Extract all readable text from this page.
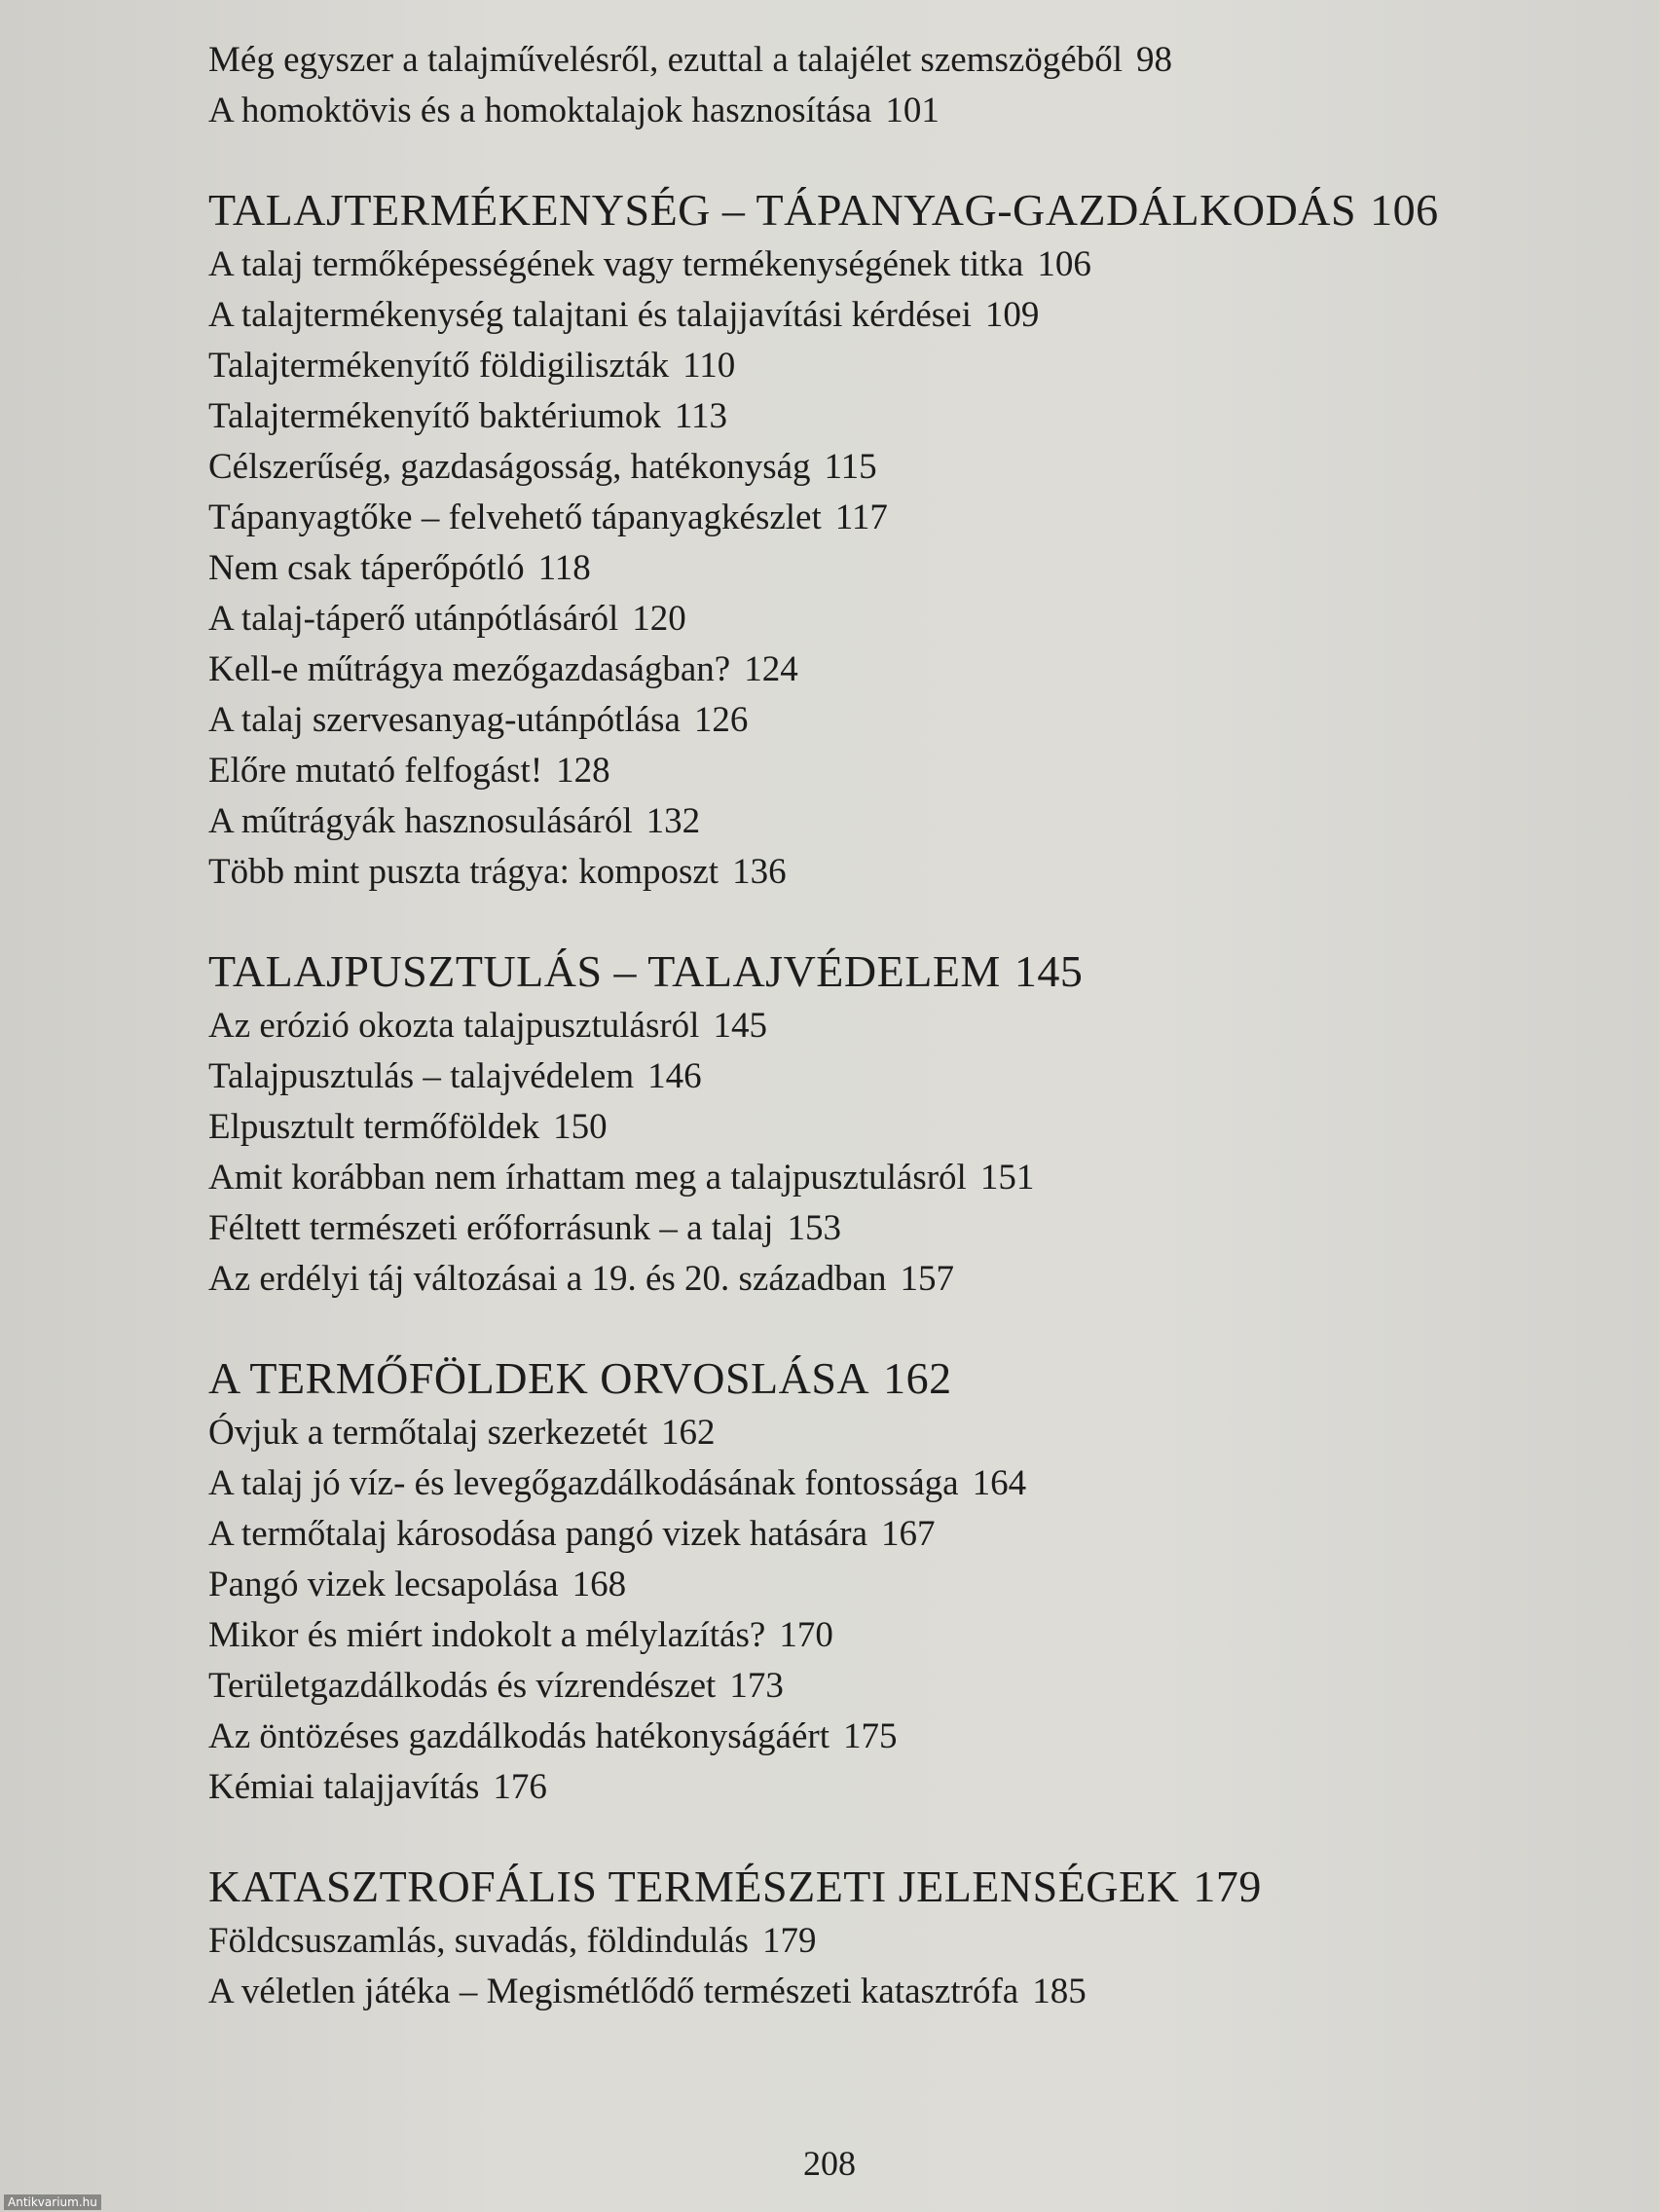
Még egyszer a talajművelésről, ezuttal a talajélet szemszögéből 98
A homoktövis és a homoktalajok hasznosítása 101
TALAJTERMÉKENYSÉG – TÁPANYAG-GAZDÁLKODÁS 106
A talaj termőképességének vagy termékenységének titka 106
A talajtermékenység talajtani és talajjavítási kérdései 109
Talajtermékenyítő földigiliszták 110
Talajtermékenyítő baktériumok 113
Célszerűség, gazdaságosság, hatékonyság 115
Tápanyagtőke – felvehető tápanyagkészlet 117
Nem csak táperőpótló 118
A talaj-táperő utánpótlásáról 120
Kell-e műtrágya mezőgazdaságban? 124
A talaj szervesanyag-utánpótlása 126
Előre mutató felfogást! 128
A műtrágyák hasznosulásáról 132
Több mint puszta trágya: komposzt 136
TALAJPUSZTULÁS – TALAJVÉDELEM 145
Az erózió okozta talajpusztulásról 145
Talajpusztulás – talajvédelem 146
Elpusztult termőföldek 150
Amit korábban nem írhattam meg a talajpusztulásról 151
Féltett természeti erőforrásunk – a talaj 153
Az erdélyi táj változásai a 19. és 20. században 157
A TERMŐFÖLDEK ORVOSLÁSA 162
Óvjuk a termőtalaj szerkezetét 162
A talaj jó víz- és levegőgazdálkodásának fontossága 164
A termőtalaj károsodása pangó vizek hatására 167
Pangó vizek lecsapolása 168
Mikor és miért indokolt a mélylazítás? 170
Területgazdálkodás és vízrendészet 173
Az öntözéses gazdálkodás hatékonyságáért 175
Kémiai talajjavítás 176
KATASZTROFÁLIS TERMÉSZETI JELENSÉGEK 179
Földcsuszamlás, suvadás, földindulás 179
A véletlen játéka – Megismétlődő természeti katasztrófa 185
208
Antikvarium.hu
